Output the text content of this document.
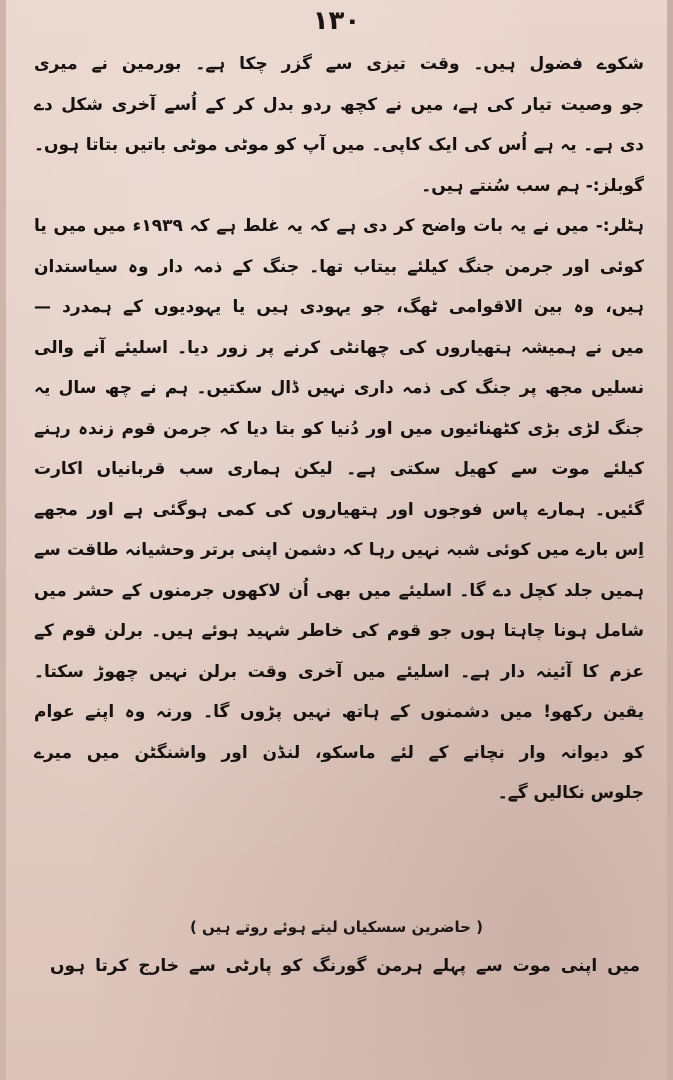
۱۳۰
شکوے فضول ہیں۔ وقت تیزی سے گزر چکا ہے۔ بورمین نے میری
جو وصیت تیار کی ہے، میں نے کچھ ردو بدل کر کے اُسے آخری شکل دے
دی ہے۔ یہ ہے اُس کی ایک کاپی۔ میں آپ کو موٹی موٹی باتیں بتاتا ہوں۔
گوبلز:- ہم سب سُنتے ہیں۔
ہٹلر:- میں نے یہ بات واضح کر دی ہے کہ یہ غلط ہے کہ ۱۹۳۹ء میں میں یا
کوئی اور جرمن جنگ کیلئے بیتاب تھا۔ جنگ کے ذمہ دار وہ سیاستدان
ہیں، وہ بین الاقوامی ٹھگ، جو یہودی ہیں یا یہودیوں کے ہمدرد —
میں نے ہمیشہ ہتھیاروں کی چھانٹی کرنے پر زور دیا۔ اسلیئے آنے والی
نسلیں مجھ پر جنگ کی ذمہ داری نہیں ڈال سکتیں۔ ہم نے چھ سال یہ
جنگ لڑی بڑی کٹھنائیوں میں اور دُنیا کو بتا دیا کہ جرمن قوم زندہ رہنے
کیلئے موت سے کھیل سکتی ہے۔ لیکن ہماری سب قربانیاں اکارت
گئیں۔ ہمارے پاس فوجوں اور ہتھیاروں کی کمی ہوگئی ہے اور مجھے
اِس بارے میں کوئی شبہ نہیں رہا کہ دشمن اپنی برتر وحشیانہ طاقت سے
ہمیں جلد کچل دے گا۔ اسلیئے میں بھی اُن لاکھوں جرمنوں کے حشر میں
شامل ہونا چاہتا ہوں جو قوم کی خاطر شہید ہوئے ہیں۔ برلن قوم کے
عزم کا آئینہ دار ہے۔ اسلیئے میں آخری وقت برلن نہیں چھوڑ سکتا۔
یقین رکھو! میں دشمنوں کے ہاتھ نہیں پڑوں گا۔ ورنہ وہ اپنے عوام
کو دیوانہ وار نچانے کے لئے ماسکو، لنڈن اور واشنگٹن میں میرے
جلوس نکالیں گے۔
( حاضرین سسکیاں لیتے ہوئے روتے ہیں )
میں اپنی موت سے پہلے ہرمن گورنگ کو پارٹی سے خارج کرتا ہوں
